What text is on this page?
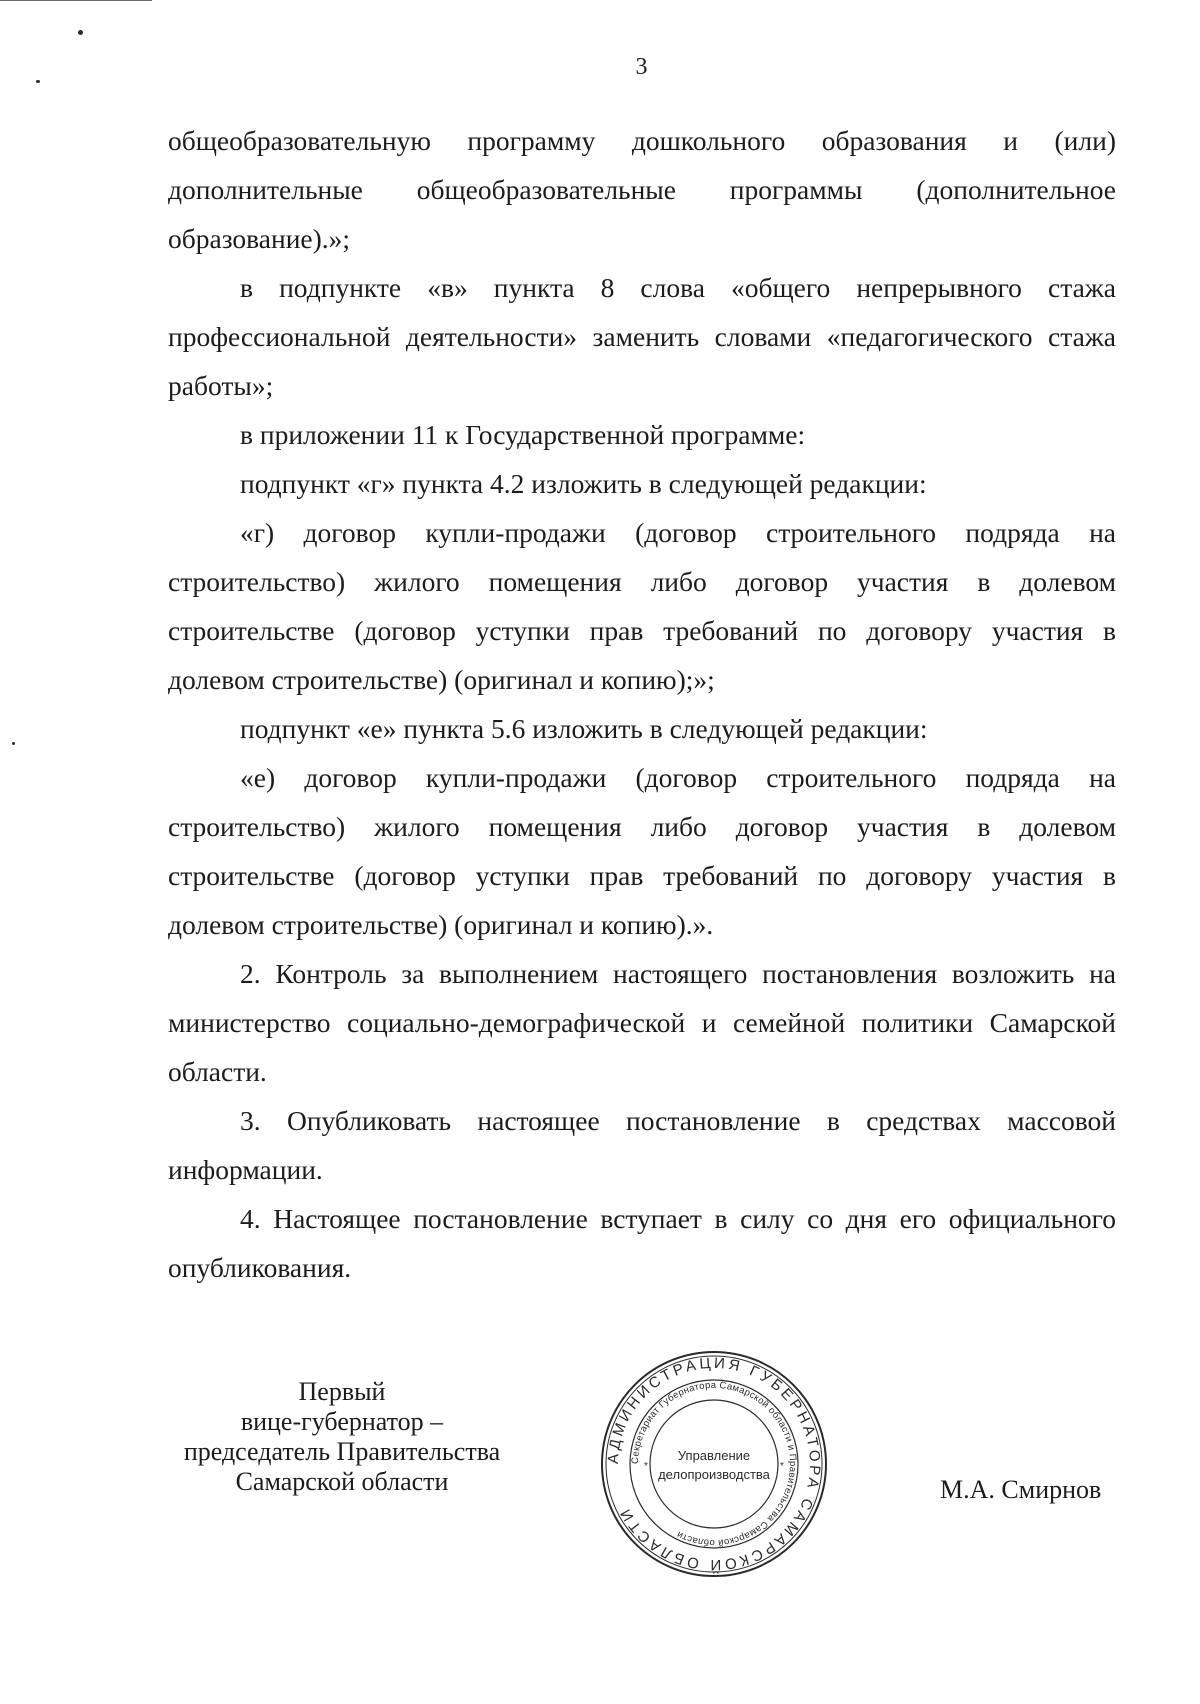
3

общеобразовательную программу дошкольного образования и (или) дополнительные общеобразовательные программы (дополнительное образование).»;

в подпункте «в» пункта 8 слова «общего непрерывного стажа профессиональной деятельности» заменить словами «педагогического стажа работы»;

в приложении 11 к Государственной программе:

подпункт «г» пункта 4.2 изложить в следующей редакции:

«г) договор купли-продажи (договор строительного подряда на строительство) жилого помещения либо договор участия в долевом строительстве (договор уступки прав требований по договору участия в долевом строительстве) (оригинал и копию);»;

подпункт «е» пункта 5.6 изложить в следующей редакции:

«е) договор купли-продажи (договор строительного подряда на строительство) жилого помещения либо договор участия в долевом строительстве (договор уступки прав требований по договору участия в долевом строительстве) (оригинал и копию).».

2. Контроль за выполнением настоящего постановления возложить на министерство социально-демографической и семейной политики Самарской области.

3. Опубликовать настоящее постановление в средствах массовой информации.

4. Настоящее постановление вступает в силу со дня его официального опубликования.

Первый
вице-губернатор –
председатель Правительства
Самарской области
АДМИНИСТРАЦИЯ ГУБЕРНАТОРА САМАРСКОЙ ОБЛАСТИ
Секретариат Губернатора Самарской области и Правительства Самарской области
Управление
делопроизводства
*	*
М.А. Смирнов
